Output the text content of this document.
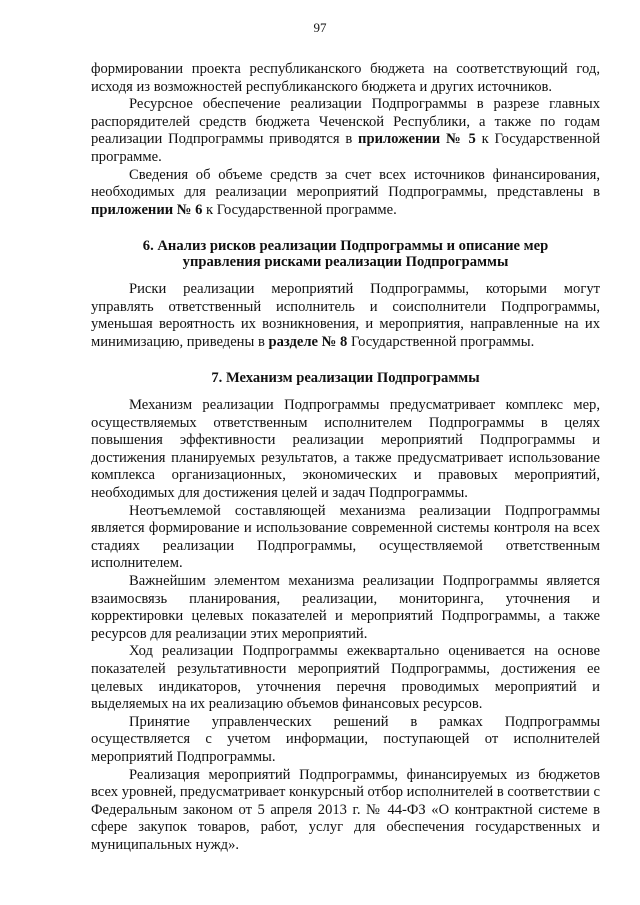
97

формировании проекта республиканского бюджета на соответствующий год, исходя из возможностей республиканского бюджета и других источников.

Ресурсное обеспечение реализации Подпрограммы в разрезе главных распорядителей средств бюджета Чеченской Республики, а также по годам реализации Подпрограммы приводятся в приложении № 5 к Государственной программе.

Сведения об объеме средств за счет всех источников финансирования, необходимых для реализации мероприятий Подпрограммы, представлены в приложении № 6 к Государственной программе.

6. Анализ рисков реализации Подпрограммы и описание мер
управления рисками реализации Подпрограммы

Риски реализации мероприятий Подпрограммы, которыми могут управлять ответственный исполнитель и соисполнители Подпрограммы, уменьшая вероятность их возникновения, и мероприятия, направленные на их минимизацию, приведены в разделе № 8 Государственной программы.

7. Механизм реализации Подпрограммы

Механизм реализации Подпрограммы предусматривает комплекс мер, осуществляемых ответственным исполнителем Подпрограммы в целях повышения эффективности реализации мероприятий Подпрограммы и достижения планируемых результатов, а также предусматривает использование комплекса организационных, экономических и правовых мероприятий, необходимых для достижения целей и задач Подпрограммы.

Неотъемлемой составляющей механизма реализации Подпрограммы является формирование и использование современной системы контроля на всех стадиях реализации Подпрограммы, осуществляемой ответственным исполнителем.

Важнейшим элементом механизма реализации Подпрограммы является взаимосвязь планирования, реализации, мониторинга, уточнения и корректировки целевых показателей и мероприятий Подпрограммы, а также ресурсов для реализации этих мероприятий.

Ход реализации Подпрограммы ежеквартально оценивается на основе показателей результативности мероприятий Подпрограммы, достижения ее целевых индикаторов, уточнения перечня проводимых мероприятий и выделяемых на их реализацию объемов финансовых ресурсов.

Принятие управленческих решений в рамках Подпрограммы осуществляется с учетом информации, поступающей от исполнителей мероприятий Подпрограммы.

Реализация мероприятий Подпрограммы, финансируемых из бюджетов всех уровней, предусматривает конкурсный отбор исполнителей в соответствии с Федеральным законом от 5 апреля 2013 г. № 44-ФЗ «О контрактной системе в сфере закупок товаров, работ, услуг для обеспечения государственных и муниципальных нужд».
